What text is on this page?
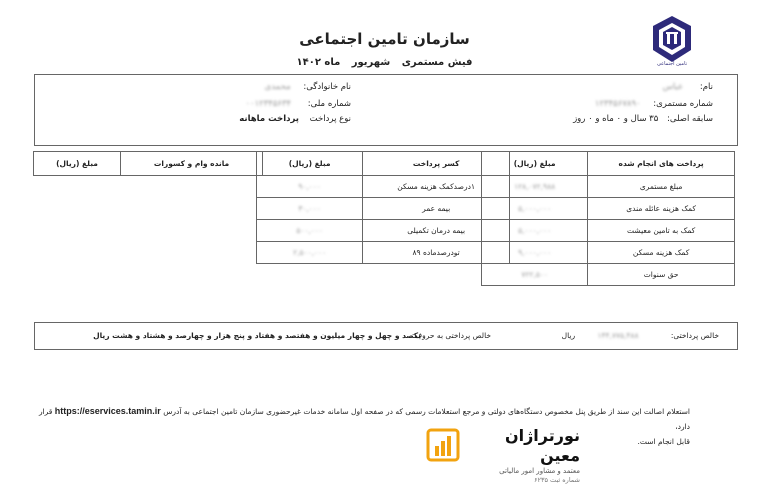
تامین اجتماعی
سازمان تامین اجتماعی
فیش مستمری شهریور ماه ۱۴۰۲
نام: عباس
شماره مستمری: ۱۲۳۴۵۶۷۸۹۰
سابقه اصلی: ۳۵ سال و ۰ ماه و ۰ روز
نام خانوادگی: محمدی
شماره ملی: ۰۰۱۲۳۴۵۶۳۴
نوع پرداخت پرداخت ماهانه
پرداخت های انجام شده	مبلغ (ریال)
مبلغ مستمری	۱۲۸,۰۷۲,۹۸۸
کمک هزینه عائله مندی	۵,۰۰۰,۰۰۰
کمک به تامین معیشت	۵,۰۰۰,۰۰۰
کمک هزینه مسکن	۹,۰۰۰,۰۰۰
حق سنوات	۷۲۲,۵۰۰
کسر پرداخت	مبلغ (ریال)
۱درصدکمک هزینه مسکن	۹۰,۰۰۰
بیمه عمر	۳۰,۰۰۰
بیمه درمان تکمیلی	۵۰۰,۰۰۰
تودرصدماده ۸۹	۲,۵۰۰,۰۰۰
مانده وام و کسورات	مبلغ (ریال)
خالص پرداختی: ۱۴۴,۷۷۵,۴۸۸ ریال
خالص پرداختی به حروف:
یکصد و چهل و چهار میلیون و هفتصد و هفتاد و پنج هزار و چهارصد و هشتاد و هشت ریال
استعلام اصالت این سند از طریق پنل مخصوص دستگاه‌های دولتی و مرجع استعلامات رسمی که در صفحه اول سامانه خدمات غیرحضوری سازمان تامین اجتماعی به آدرس https://eservices.tamin.ir قرار دارد،
قابل انجام است.
نورتراژان معین
معتمد و مشاور امور مالیاتی
شماره ثبت ۶۲۳۵
